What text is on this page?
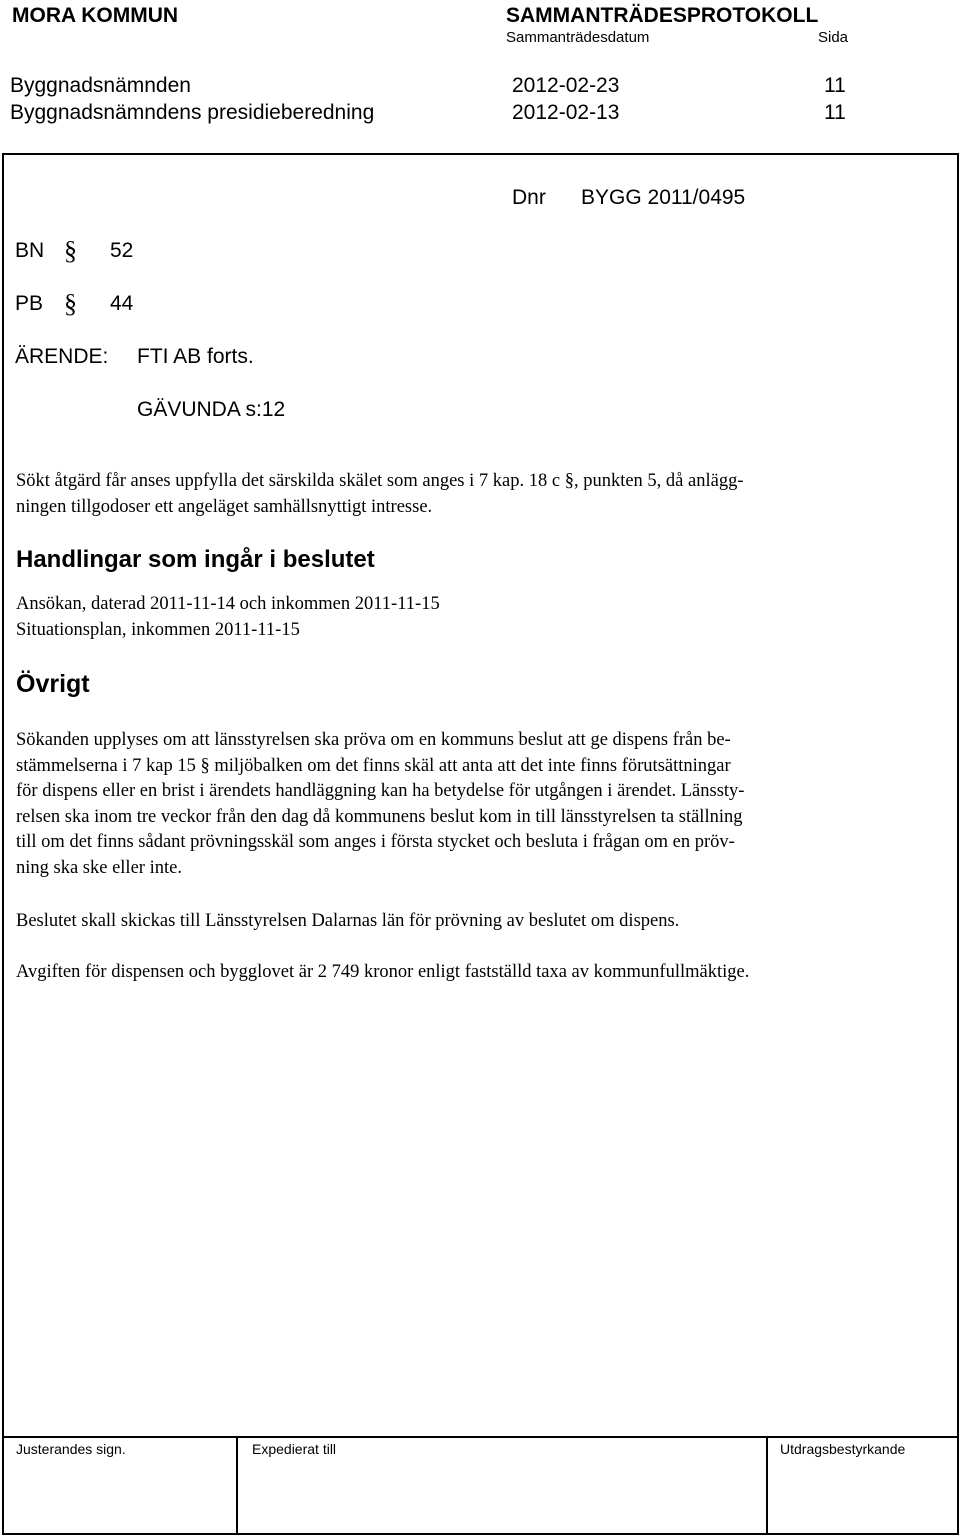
MORA KOMMUN	SAMMANTRÄDESPROTOKOLL
Sammanträdesdatum	Sida
Byggnadsnämnden	2012-02-23	11
Byggnadsnämndens presidieberedning	2012-02-13	11
Dnr BYGG 2011/0495
BN § 52
PB § 44
ÄRENDE: FTI AB forts.
GÄVUNDA s:12
Sökt åtgärd får anses uppfylla det särskilda skälet som anges i 7 kap. 18 c §, punkten 5, då anlägg-
ningen tillgodoser ett angeläget samhällsnyttigt intresse.
Handlingar som ingår i beslutet
Ansökan, daterad 2011-11-14 och inkommen 2011-11-15
Situationsplan, inkommen 2011-11-15
Övrigt
Sökanden upplyses om att länsstyrelsen ska pröva om en kommuns beslut att ge dispens från be-
stämmelserna i 7 kap 15 § miljöbalken om det finns skäl att anta att det inte finns förutsättningar
för dispens eller en brist i ärendets handläggning kan ha betydelse för utgången i ärendet. Länssty-
relsen ska inom tre veckor från den dag då kommunens beslut kom in till länsstyrelsen ta ställning
till om det finns sådant prövningsskäl som anges i första stycket och besluta i frågan om en pröv-
ning ska ske eller inte.
Beslutet skall skickas till Länsstyrelsen Dalarnas län för prövning av beslutet om dispens.
Avgiften för dispensen och bygglovet är 2 749 kronor enligt fastställd taxa av kommunfullmäktige.
Justerandes sign.	Expedierat till	Utdragsbestyrkande
